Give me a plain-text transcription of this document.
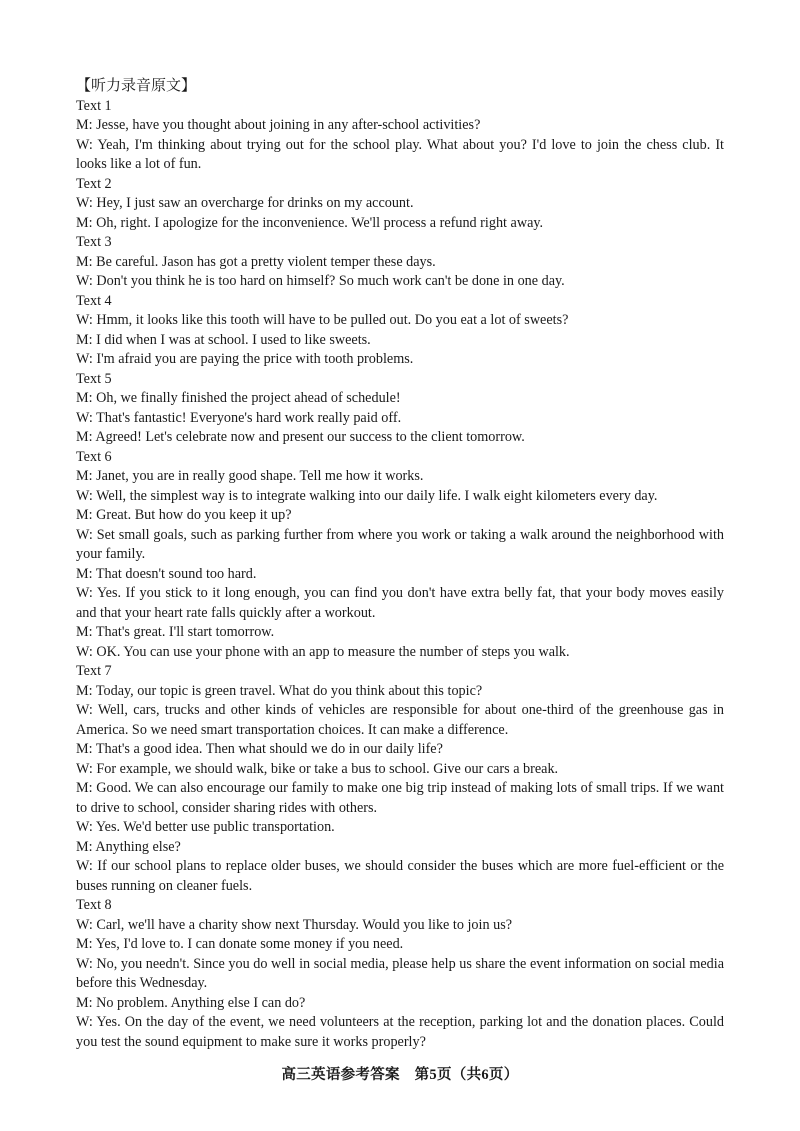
【听力录音原文】
Text 1
M: Jesse, have you thought about joining in any after-school activities?
W: Yeah, I'm thinking about trying out for the school play. What about you? I'd love to join the chess club. It looks like a lot of fun.
Text 2
W: Hey, I just saw an overcharge for drinks on my account.
M: Oh, right. I apologize for the inconvenience. We'll process a refund right away.
Text 3
M: Be careful. Jason has got a pretty violent temper these days.
W: Don't you think he is too hard on himself? So much work can't be done in one day.
Text 4
W: Hmm, it looks like this tooth will have to be pulled out. Do you eat a lot of sweets?
M: I did when I was at school. I used to like sweets.
W: I'm afraid you are paying the price with tooth problems.
Text 5
M: Oh, we finally finished the project ahead of schedule!
W: That's fantastic! Everyone's hard work really paid off.
M: Agreed! Let's celebrate now and present our success to the client tomorrow.
Text 6
M: Janet, you are in really good shape. Tell me how it works.
W: Well, the simplest way is to integrate walking into our daily life. I walk eight kilometers every day.
M: Great. But how do you keep it up?
W: Set small goals, such as parking further from where you work or taking a walk around the neighborhood with your family.
M: That doesn't sound too hard.
W: Yes. If you stick to it long enough, you can find you don't have extra belly fat, that your body moves easily and that your heart rate falls quickly after a workout.
M: That's great. I'll start tomorrow.
W: OK. You can use your phone with an app to measure the number of steps you walk.
Text 7
M: Today, our topic is green travel. What do you think about this topic?
W: Well, cars, trucks and other kinds of vehicles are responsible for about one-third of the greenhouse gas in America. So we need smart transportation choices. It can make a difference.
M: That's a good idea. Then what should we do in our daily life?
W: For example, we should walk, bike or take a bus to school. Give our cars a break.
M: Good. We can also encourage our family to make one big trip instead of making lots of small trips. If we want to drive to school, consider sharing rides with others.
W: Yes. We'd better use public transportation.
M: Anything else?
W: If our school plans to replace older buses, we should consider the buses which are more fuel-efficient or the buses running on cleaner fuels.
Text 8
W: Carl, we'll have a charity show next Thursday. Would you like to join us?
M: Yes, I'd love to. I can donate some money if you need.
W: No, you needn't. Since you do well in social media, please help us share the event information on social media before this Wednesday.
M: No problem. Anything else I can do?
W: Yes. On the day of the event, we need volunteers at the reception, parking lot and the donation places. Could you test the sound equipment to make sure it works properly?
高三英语参考答案　第5页（共6页）
